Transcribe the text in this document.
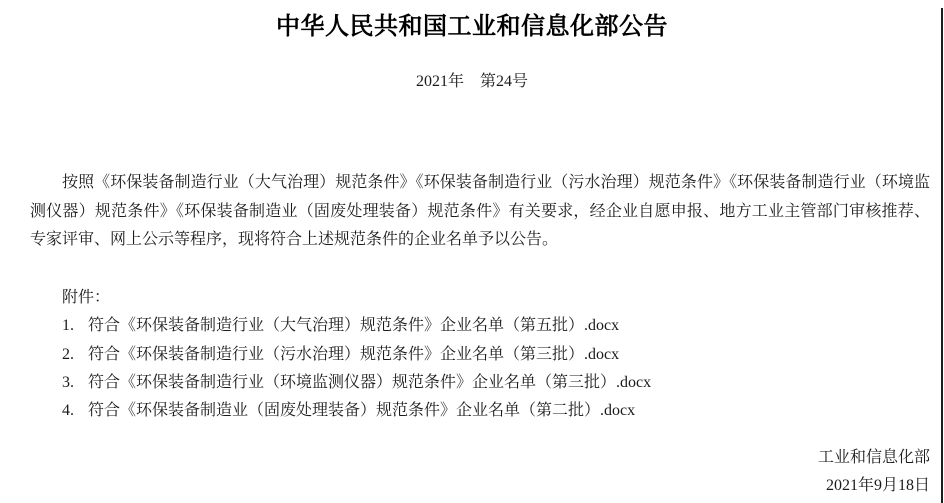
中华人民共和国工业和信息化部公告
2021年　第24号
按照《环保装备制造行业（大气治理）规范条件》《环保装备制造行业（污水治理）规范条件》《环保装备制造行业（环境监测仪器）规范条件》《环保装备制造业（固废处理装备）规范条件》有关要求，经企业自愿申报、地方工业主管部门审核推荐、专家评审、网上公示等程序，现将符合上述规范条件的企业名单予以公告。
附件：
1. 符合《环保装备制造行业（大气治理）规范条件》企业名单（第五批）.docx
2. 符合《环保装备制造行业（污水治理）规范条件》企业名单（第三批）.docx
3. 符合《环保装备制造行业（环境监测仪器）规范条件》企业名单（第三批）.docx
4. 符合《环保装备制造业（固废处理装备）规范条件》企业名单（第二批）.docx
工业和信息化部
2021年9月18日
